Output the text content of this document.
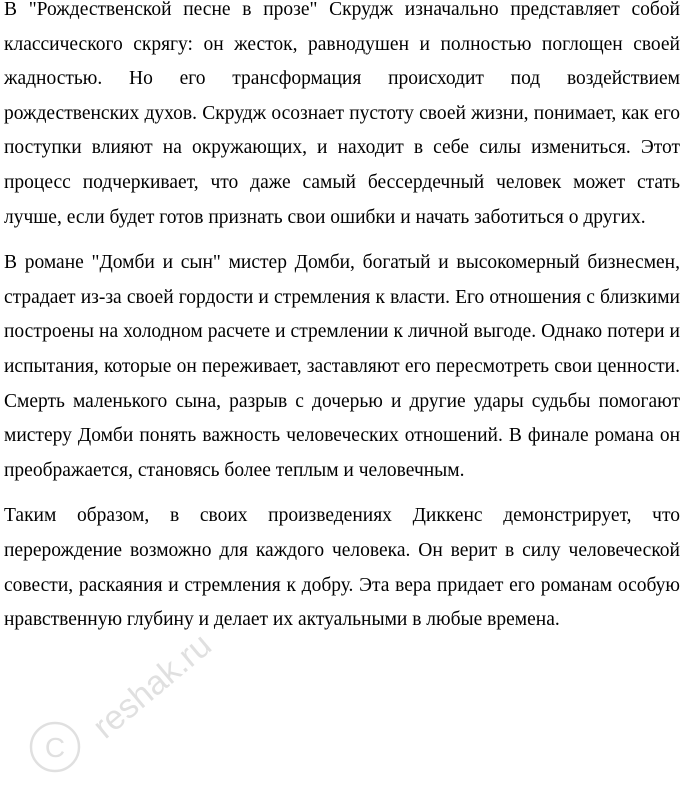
В "Рождественской песне в прозе" Скрудж изначально представляет собой классического скрягу: он жесток, равнодушен и полностью поглощен своей жадностью. Но его трансформация происходит под воздействием рождественских духов. Скрудж осознает пустоту своей жизни, понимает, как его поступки влияют на окружающих, и находит в себе силы измениться. Этот процесс подчеркивает, что даже самый бессердечный человек может стать лучше, если будет готов признать свои ошибки и начать заботиться о других.

В романе "Домби и сын" мистер Домби, богатый и высокомерный бизнесмен, страдает из-за своей гордости и стремления к власти. Его отношения с близкими построены на холодном расчете и стремлении к личной выгоде. Однако потери и испытания, которые он переживает, заставляют его пересмотреть свои ценности. Смерть маленького сына, разрыв с дочерью и другие удары судьбы помогают мистеру Домби понять важность человеческих отношений. В финале романа он преображается, становясь более теплым и человечным.

Таким образом, в своих произведениях Диккенс демонстрирует, что перерождение возможно для каждого человека. Он верит в силу человеческой совести, раскаяния и стремления к добру. Эта вера придает его романам особую нравственную глубину и делает их актуальными в любые времена.

C
reshak.ru
